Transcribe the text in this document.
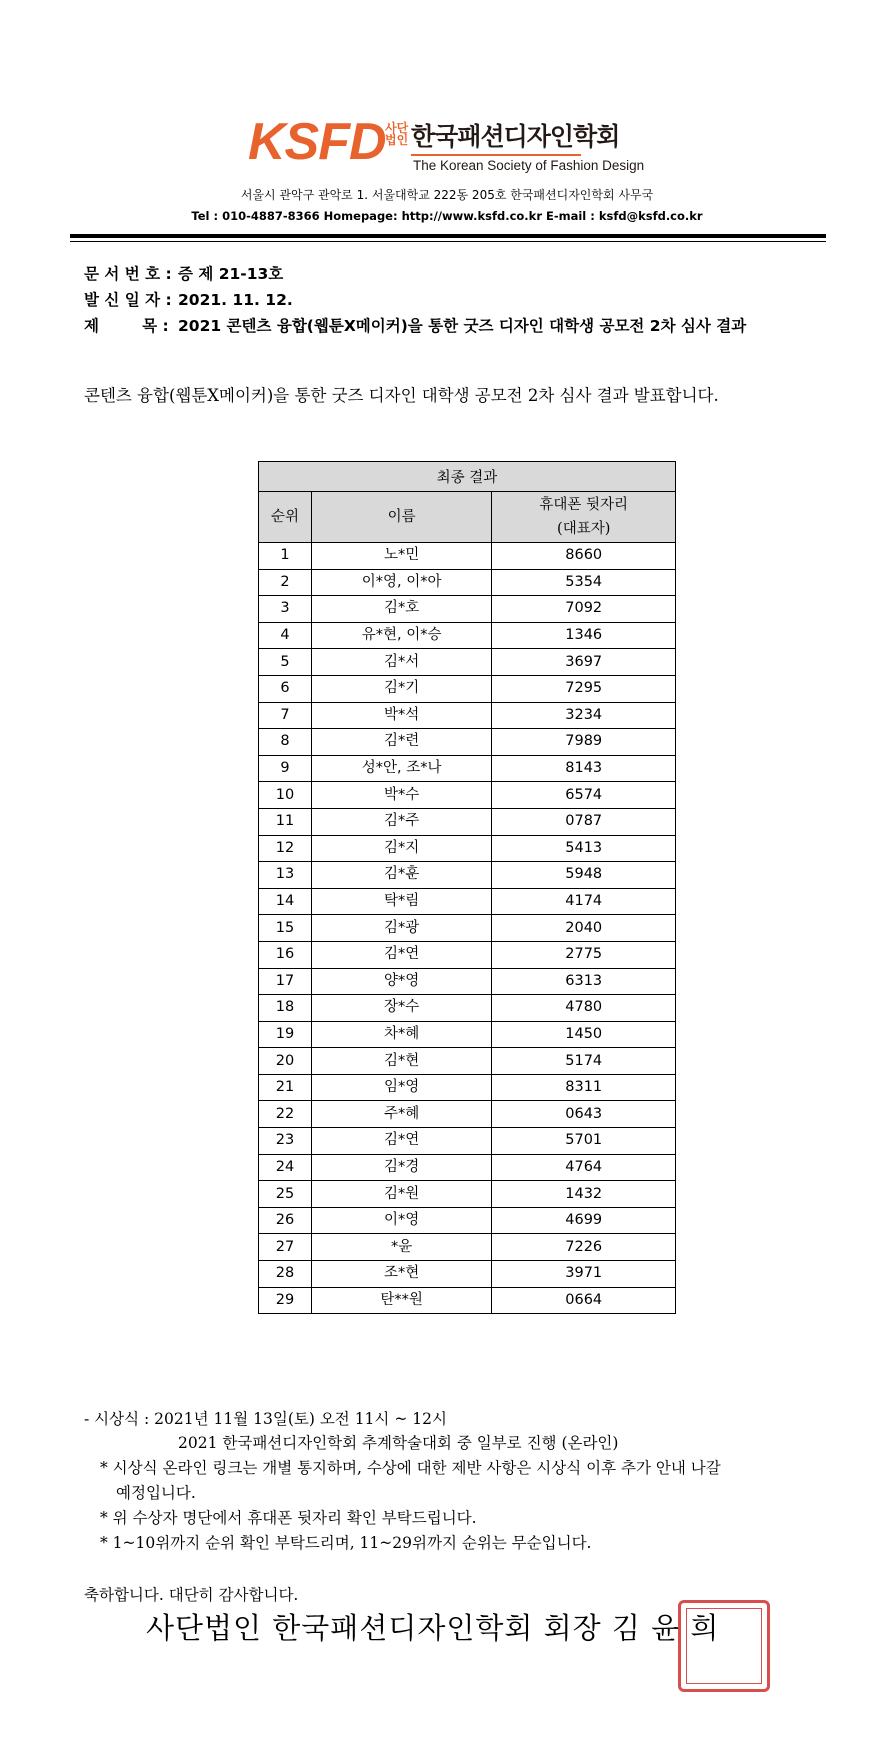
KSFD 사단법인 한국패션디자인학회
The Korean Society of Fashion Design
서울시 관악구 관악로 1. 서울대학교 222동 205호 한국패션디자인학회 사무국
Tel : 010-4887-8366 Homepage: http://www.ksfd.co.kr E-mail : ksfd@ksfd.co.kr
문 서 번 호 : 증 제 21-13호
발 신 일 자 : 2021. 11. 12.
제        목 : 2021 콘텐츠 융합(웹툰X메이커)을 통한 굿즈 디자인 대학생 공모전 2차 심사 결과
콘텐츠 융합(웹툰X메이커)을 통한 굿즈 디자인 대학생 공모전 2차 심사 결과 발표합니다.
최종 결과		
순위	이름	휴대폰 뒷자리
(대표자)

1	노*민	8660
2	이*영, 이*아	5354
3	김*호	7092
4	유*현, 이*승	1346
5	김*서	3697
6	김*기	7295
7	박*석	3234
8	김*련	7989
9	성*안, 조*나	8143
10	박*수	6574
11	김*주	0787
12	김*지	5413
13	김*훈	5948
14	탁*림	4174
15	김*광	2040
16	김*연	2775
17	양*영	6313
18	장*수	4780
19	차*혜	1450
20	김*현	5174
21	임*영	8311
22	주*혜	0643
23	김*연	5701
24	김*경	4764
25	김*원	1432
26	이*영	4699
27	*윤	7226
28	조*현	3971
29	탄**원	0664
- 시상식 : 2021년 11월 13일(토) 오전 11시 ~ 12시
2021 한국패션디자인학회 추계학술대회 중 일부로 진행 (온라인)
* 시상식 온라인 링크는 개별 통지하며, 수상에 대한 제반 사항은 시상식 이후 추가 안내 나갈
예정입니다.
* 위 수상자 명단에서 휴대폰 뒷자리 확인 부탁드립니다.
* 1~10위까지 순위 확인 부탁드리며, 11~29위까지 순위는 무순입니다.
축하합니다. 대단히 감사합니다.
사단법인 한국패션디자인학회 회장 김 윤 희
